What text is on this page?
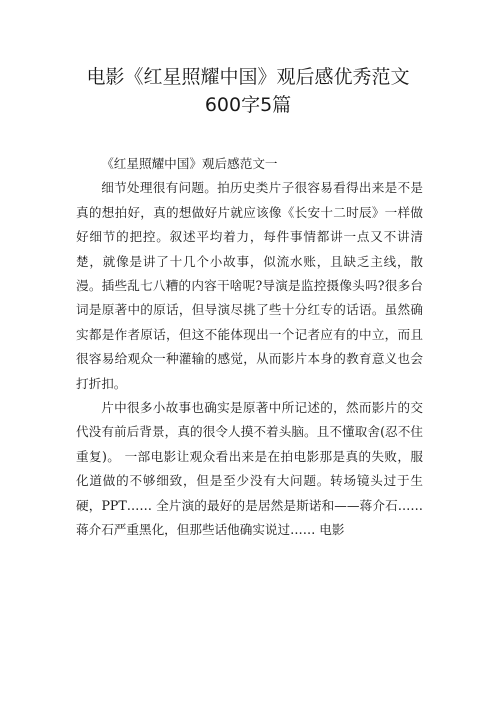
电影《红星照耀中国》观后感优秀范文
600字5篇

《红星照耀中国》观后感范文一

细节处理很有问题。拍历史类片子很容易看得出来是不是真的想拍好，真的想做好片就应该像《长安十二时辰》一样做好细节的把控。叙述平均着力，每件事情都讲一点又不讲清楚，就像是讲了十几个小故事，似流水账，且缺乏主线，散漫。插些乱七八糟的内容干啥呢?导演是监控摄像头吗?很多台词是原著中的原话，但导演尽挑了些十分红专的话语。虽然确实都是作者原话，但这不能体现出一个记者应有的中立，而且很容易给观众一种灌输的感觉，从而影片本身的教育意义也会打折扣。

片中很多小故事也确实是原著中所记述的，然而影片的交代没有前后背景，真的很令人摸不着头脑。且不懂取舍(忍不住重复)。 一部电影让观众看出来是在拍电影那是真的失败，服化道做的不够细致，但是至少没有大问题。转场镜头过于生硬，PPT…… 全片演的最好的是居然是斯诺和——蒋介石……蒋介石严重黑化，但那些话他确实说过…… 电影
